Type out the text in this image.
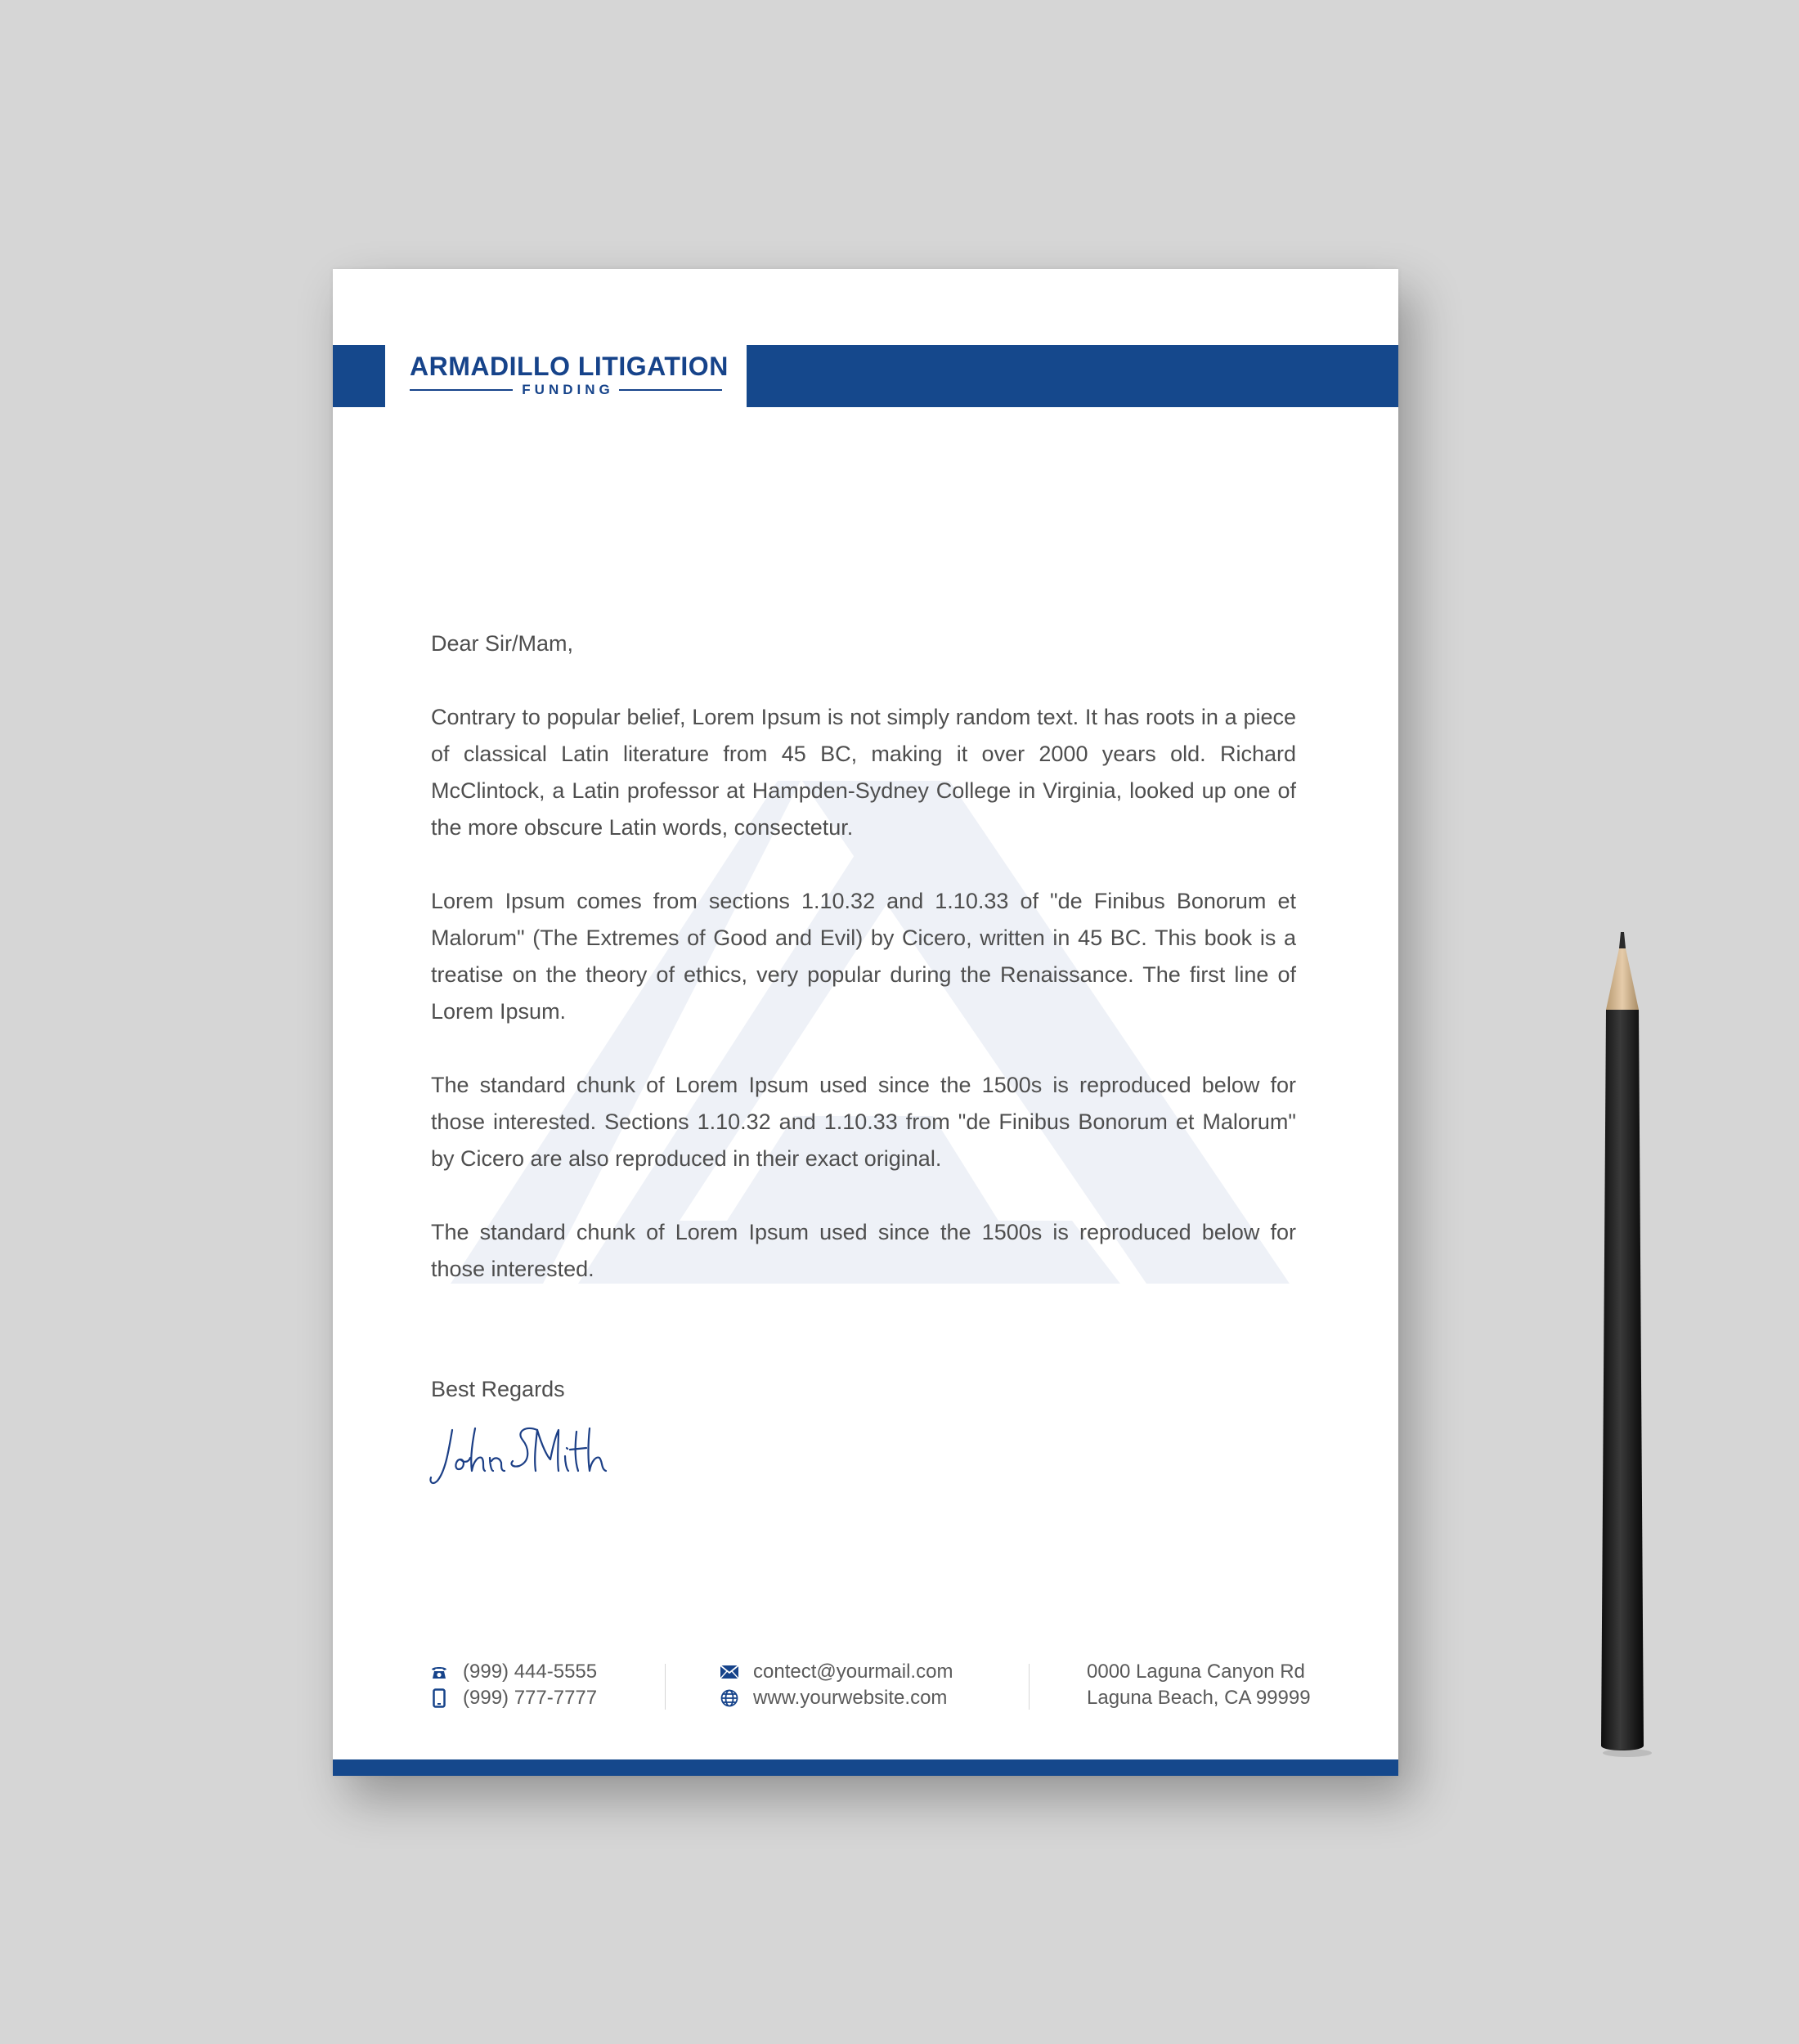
ARMADILLO LITIGATION
FUNDING

Dear Sir/Mam,

Contrary to popular belief, Lorem Ipsum is not simply random text. It has roots in a piece of classical Latin literature from 45 BC, making it over 2000 years old. Richard McClintock, a Latin professor at Hampden-Sydney College in Virginia, looked up one of the more obscure Latin words, consectetur.

Lorem Ipsum comes from sections 1.10.32 and 1.10.33 of "de Finibus Bonorum et Malorum" (The Extremes of Good and Evil) by Cicero, written in 45 BC. This book is a treatise on the theory of ethics, very popular during the Renaissance. The first line of Lorem Ipsum.

The standard chunk of Lorem Ipsum used since the 1500s is reproduced below for those interested. Sections 1.10.32 and 1.10.33 from "de Finibus Bonorum et Malorum" by Cicero are also reproduced in their exact original.

The standard chunk of Lorem Ipsum used since the 1500s is reproduced below for those interested.

Best Regards
(999) 444-5555
(999) 777-7777
contect@yourmail.com
www.yourwebsite.com
0000 Laguna Canyon Rd
Laguna Beach, CA 99999
